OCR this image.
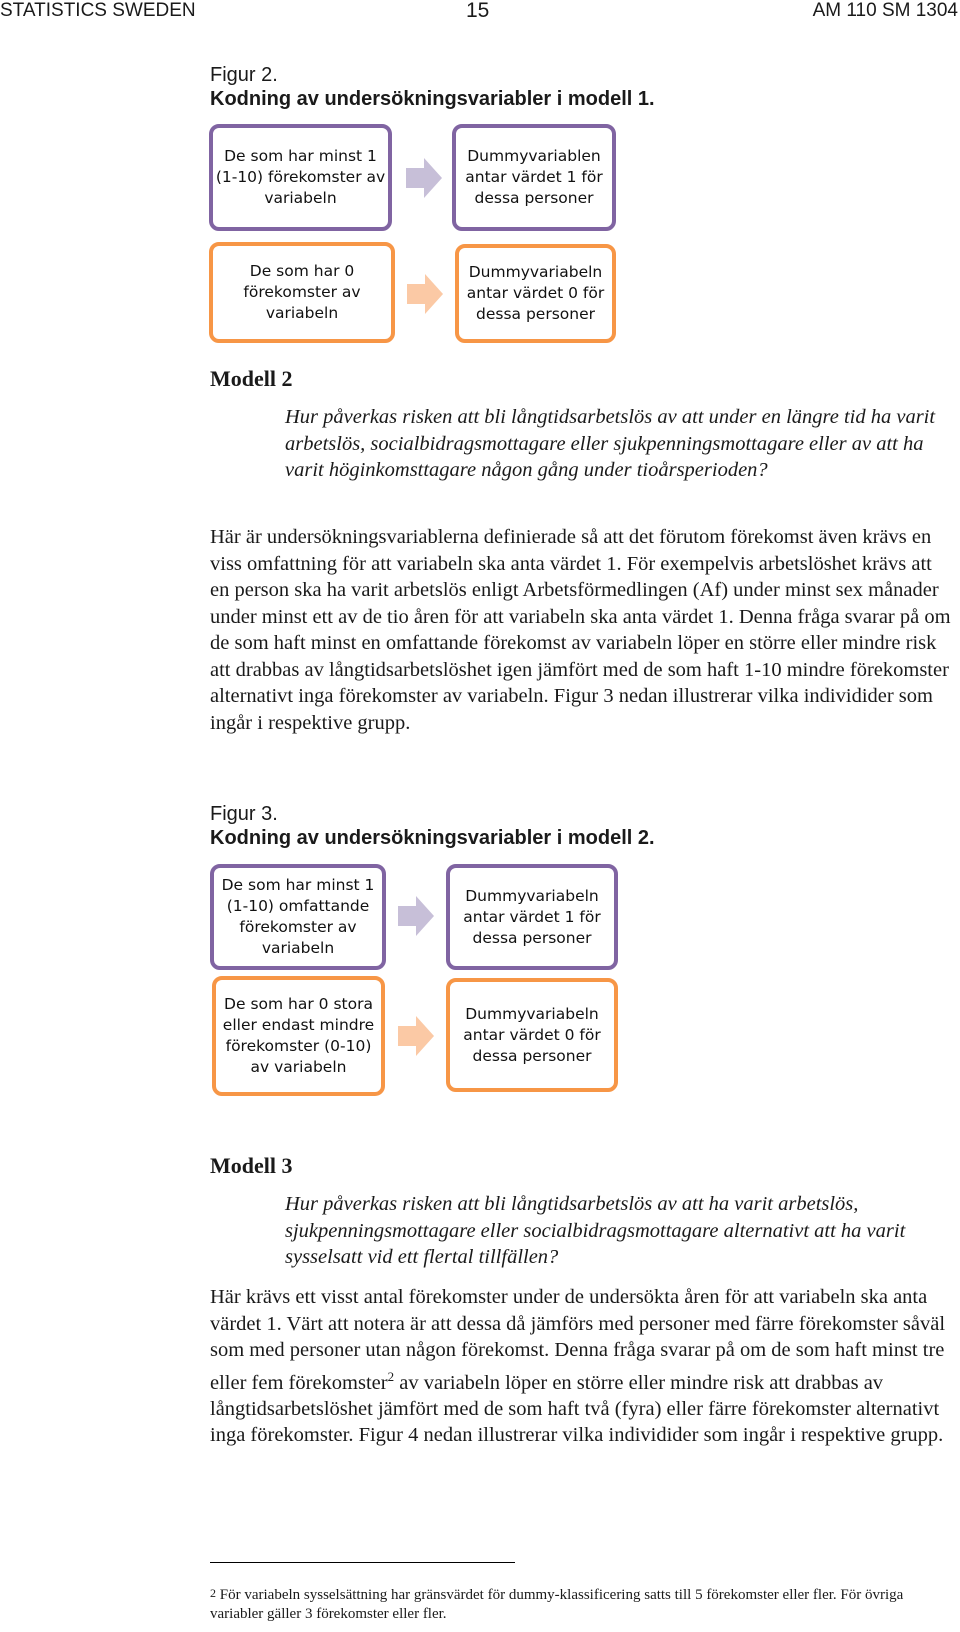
STATISTICS SWEDEN	15	AM 110 SM 1304
Figur 2.
Kodning av undersökningsvariabler i modell 1.
De som har minst 1 (1-10) förekomster av variabeln
Dummyvariablen antar värdet 1 för dessa personer
De som har 0 förekomster av variabeln
Dummyvariabeln antar värdet 0 för dessa personer
Modell 2
Hur påverkas risken att bli långtidsarbetslös av att under en längre tid ha varit arbetslös, socialbidragsmottagare eller sjukpenningsmottagare eller av att ha varit höginkomsttagare någon gång under tioårsperioden?
Här är undersökningsvariablerna definierade så att det förutom förekomst även krävs en viss omfattning för att variabeln ska anta värdet 1. För exempelvis arbetslöshet krävs att en person ska ha varit arbetslös enligt Arbetsförmedlingen (Af) under minst sex månader under minst ett av de tio åren för att variabeln ska anta värdet 1. Denna fråga svarar på om de som haft minst en omfattande förekomst av variabeln löper en större eller mindre risk att drabbas av långtidsarbetslöshet igen jämfört med de som haft 1-10 mindre förekomster alternativt inga förekomster av variabeln. Figur 3 nedan illustrerar vilka individider som ingår i respektive grupp.
Figur 3.
Kodning av undersökningsvariabler i modell 2.
De som har minst 1 (1-10) omfattande förekomster av variabeln
Dummyvariabeln antar värdet 1 för dessa personer
De som har 0 stora eller endast mindre förekomster (0-10) av variabeln
Dummyvariabeln antar värdet 0 för dessa personer
Modell 3
Hur påverkas risken att bli långtidsarbetslös av att ha varit arbetslös, sjukpenningsmottagare eller socialbidragsmottagare alternativt att ha varit sysselsatt vid ett flertal tillfällen?
Här krävs ett visst antal förekomster under de undersökta åren för att variabeln ska anta värdet 1. Värt att notera är att dessa då jämförs med personer med färre förekomster såväl som med personer utan någon förekomst. Denna fråga svarar på om de som haft minst tre eller fem förekomster$^2$ av variabeln löper en större eller mindre risk att drabbas av långtidsarbetslöshet jämfört med de som haft två (fyra) eller färre förekomster alternativt inga förekomster. Figur 4 nedan illustrerar vilka individider som ingår i respektive grupp.
$^2$ För variabeln sysselsättning har gränsvärdet för dummy-klassificering satts till 5 förekomster eller fler. För övriga variabler gäller 3 förekomster eller fler.
